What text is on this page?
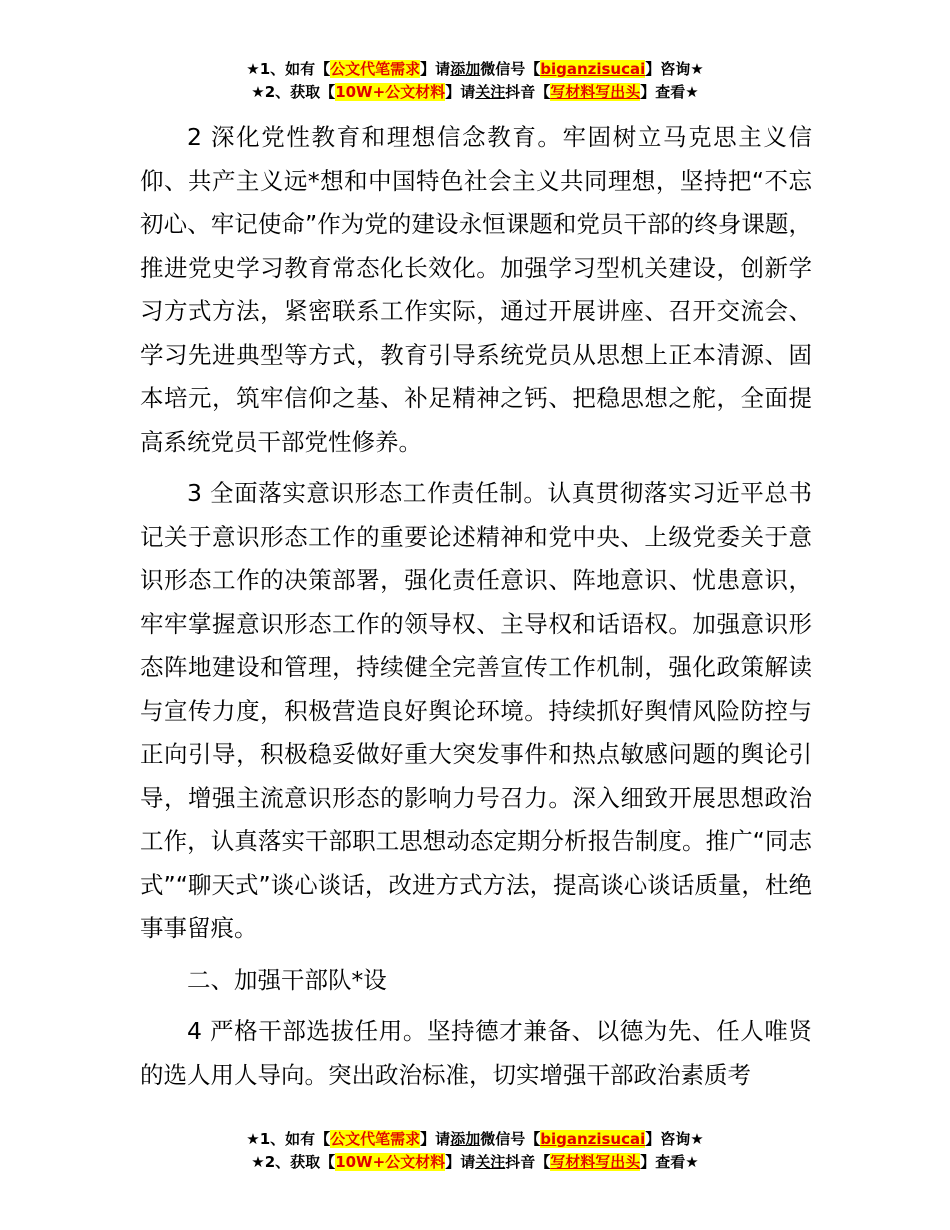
★1、如有【公文代笔需求】请添加微信号【biganzisucai】咨询★
★2、获取【10W+公文材料】请关注抖音【写材料写出头】查看★

2 深化党性教育和理想信念教育。牢固树立马克思主义信仰、共产主义远*想和中国特色社会主义共同理想，坚持把“不忘初心、牢记使命”作为党的建设永恒课题和党员干部的终身课题，推进党史学习教育常态化长效化。加强学习型机关建设，创新学习方式方法，紧密联系工作实际，通过开展讲座、召开交流会、学习先进典型等方式，教育引导系统党员从思想上正本清源、固本培元，筑牢信仰之基、补足精神之钙、把稳思想之舵，全面提高系统党员干部党性修养。

3 全面落实意识形态工作责任制。认真贯彻落实习近平总书记关于意识形态工作的重要论述精神和党中央、上级党委关于意识形态工作的决策部署，强化责任意识、阵地意识、忧患意识，牢牢掌握意识形态工作的领导权、主导权和话语权。加强意识形态阵地建设和管理，持续健全完善宣传工作机制，强化政策解读与宣传力度，积极营造良好舆论环境。持续抓好舆情风险防控与正向引导，积极稳妥做好重大突发事件和热点敏感问题的舆论引导，增强主流意识形态的影响力号召力。深入细致开展思想政治工作，认真落实干部职工思想动态定期分析报告制度。推广“同志式”“聊天式”谈心谈话，改进方式方法，提高谈心谈话质量，杜绝事事留痕。

二、加强干部队*设

4 严格干部选拔任用。坚持德才兼备、以德为先、任人唯贤的选人用人导向。突出政治标准，切实增强干部政治素质考

★1、如有【公文代笔需求】请添加微信号【biganzisucai】咨询★
★2、获取【10W+公文材料】请关注抖音【写材料写出头】查看★
